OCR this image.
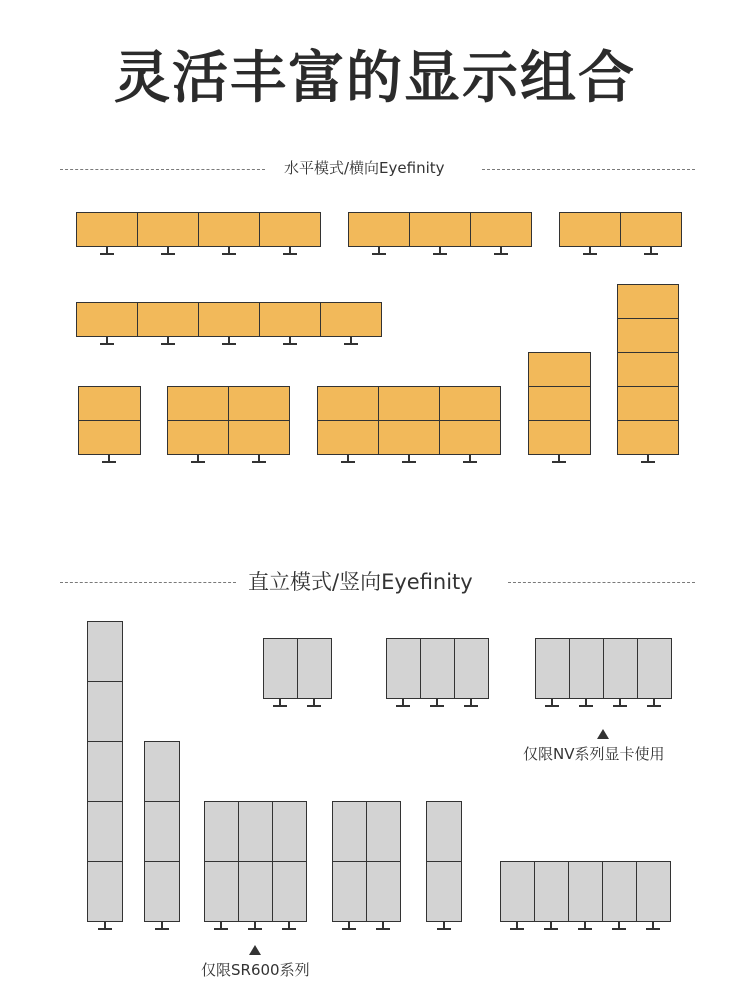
灵活丰富的显示组合
水平模式/横向Eyefinity
直立模式/竖向Eyefinity
仅限NV系列显卡使用
仅限SR600系列
